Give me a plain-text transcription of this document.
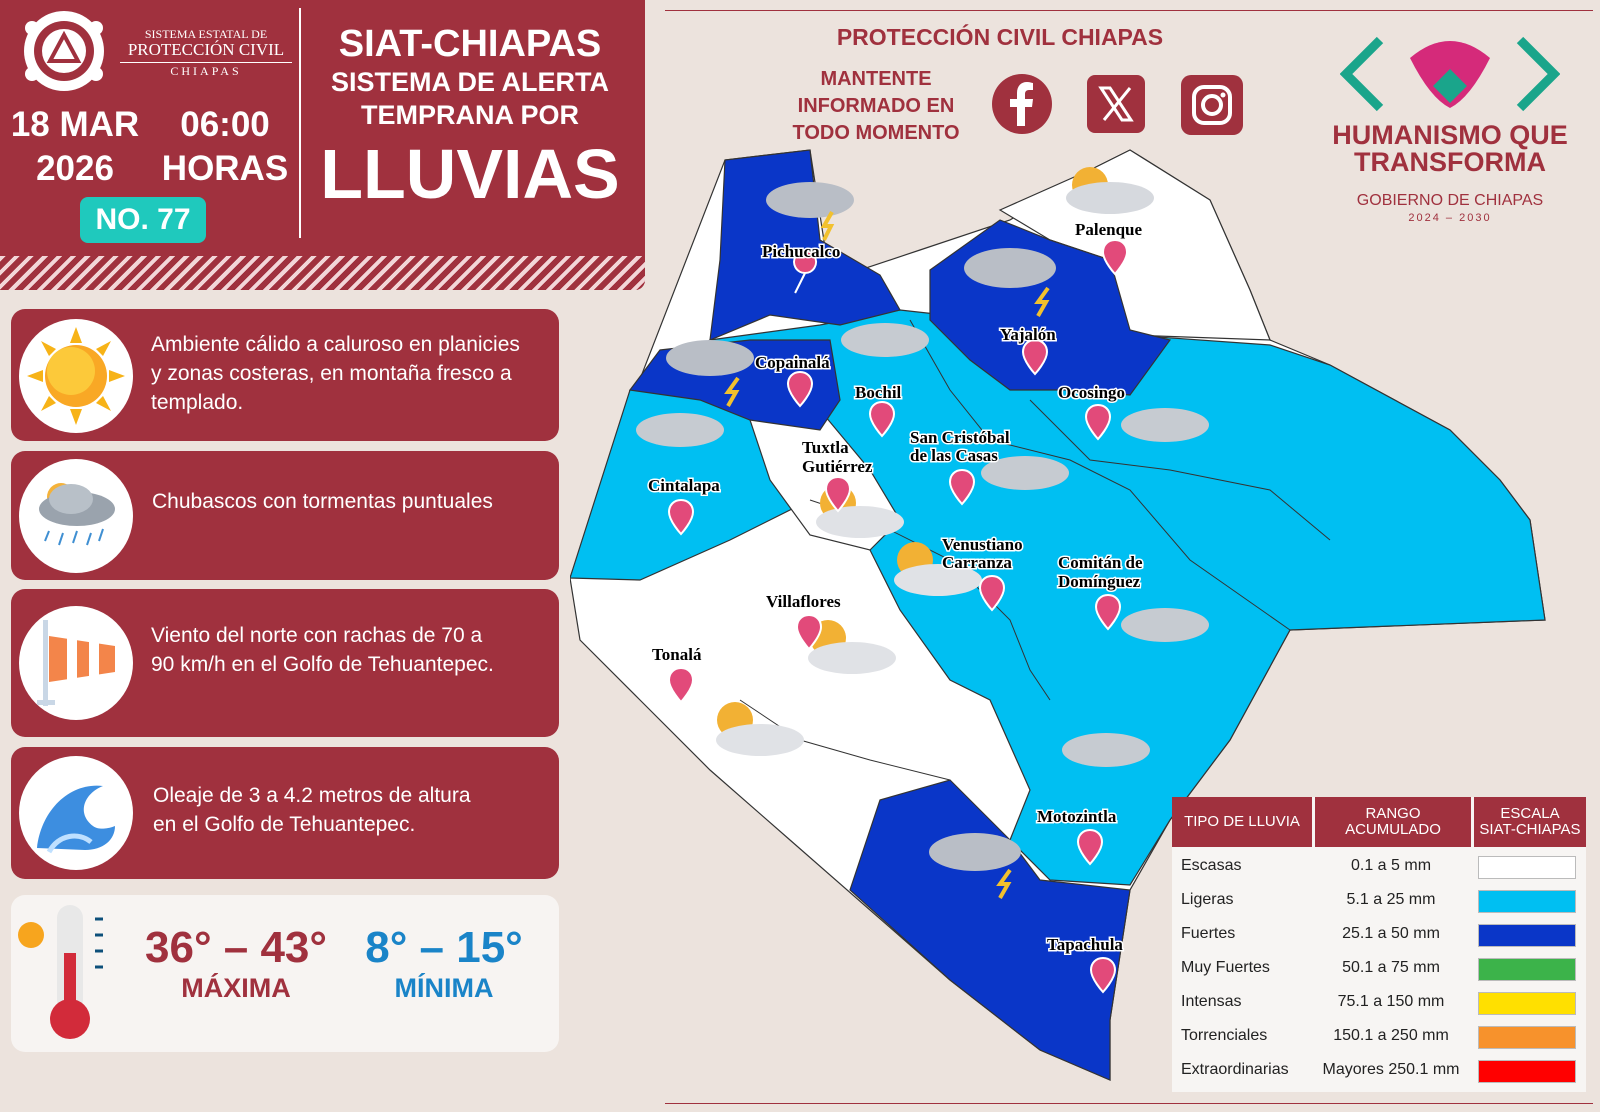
SISTEMA ESTATAL DE
PROTECCIÓN CIVIL
CHIAPAS
18 MAR
2026
06:00
HORAS
NO. 77
SIAT-CHIAPAS
SISTEMA DE ALERTA
TEMPRANA POR
LLUVIAS
Ambiente cálido a caluroso en planicies
y zonas costeras, en montaña fresco a
templado.
Chubascos con tormentas puntuales
Viento del norte con rachas de 70 a
90 km/h en el Golfo de Tehuantepec.
Oleaje de 3 a 4.2 metros de altura
en el Golfo de Tehuantepec.
36° – 43°
MÁXIMA
8° – 15°
MÍNIMA
PROTECCIÓN CIVIL CHIAPAS
MANTENTE
INFORMADO EN
TODO MOMENTO	HUMANISMO QUE
TRANSFORMA
GOBIERNO DE CHIAPAS
2024 – 2030
Pichucalco
Palenque
Yajalón
Copainalá
Bochil	Ocosingo
Tuxtla
Gutiérrez
San Cristóbal
de las Casas
Cintalapa
Venustiano
Carranza	Comitán de
Domínguez
Villaflores
Tonalá
Motozintla
Tapachula
TIPO DE LLUVIA	RANGO
ACUMULADO
ESCALA
SIAT-CHIAPAS
Escasas	0.1 a 5 mm
Ligeras	5.1 a 25 mm
Fuertes	25.1 a 50 mm
Muy Fuertes	50.1 a 75 mm
Intensas	75.1 a 150 mm
Torrenciales	150.1 a 250 mm
Extraordinarias	Mayores 250.1 mm
